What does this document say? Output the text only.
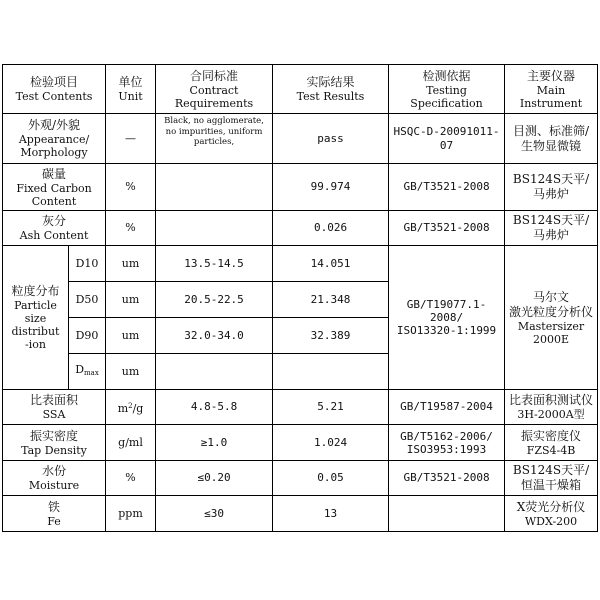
检验项目
Test Contents		单位
Unit	合同标准
Contract
Requirements	实际结果
Test Results	检测依据
Testing
Specification	主要仪器
Main
Instrument

外观/外貌
Appearance/
Morphology		—	Black, no agglomerate, no impurities, uniform particles,	pass	HSQC-D-20091011-07	目测、标准筛/
生物显微镜

碳量
Fixed Carbon
Content		%		99.974	GB/T3521-2008	BS124S天平/
马弗炉

灰分
Ash Content		%		0.026	GB/T3521-2008	BS124S天平/
马弗炉

粒度分布
Particle
size
distribut
-ion	D10	um	13.5-14.5	14.051	GB/T19077.1-2008/
ISO13320-1:1999	马尔文
激光粒度分析仪
Mastersizer
2000E

	D50	um	20.5-22.5	21.348		
	D90	um	32.0-34.0	32.389		
	$D_{max}$	um				

比表面积
SSA		$m^2/g$	4.8-5.8	5.21	GB/T19587-2004	比表面积测试仪
3H-2000A型

振实密度
Tap Density		g/ml	≥1.0	1.024	GB/T5162-2006/
ISO3953:1993	振实密度仪
FZS4-4B

水份
Moisture		%	≤0.20	0.05	GB/T3521-2008	BS124S天平/
恒温干燥箱

铁
Fe		ppm	≤30	13		X荧光分析仪
WDX-200
